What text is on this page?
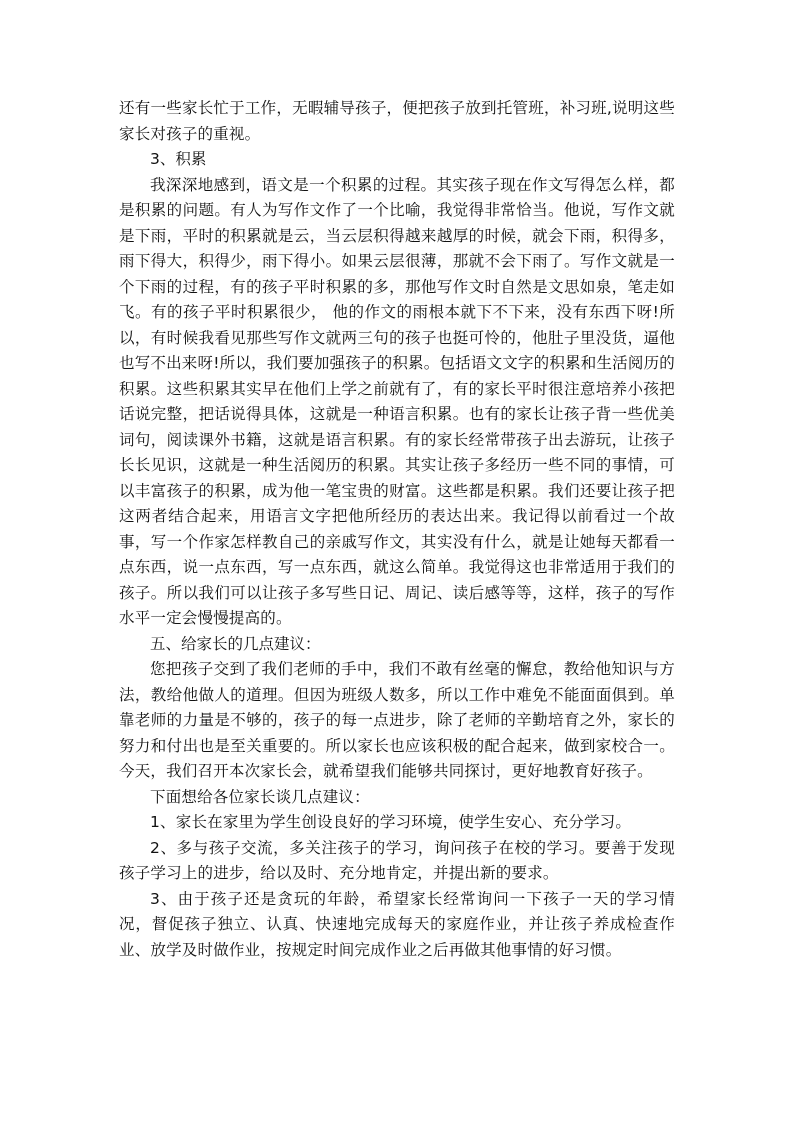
还有一些家长忙于工作，无暇辅导孩子，便把孩子放到托管班，补习班,说明这些家长对孩子的重视。

3、积累

我深深地感到，语文是一个积累的过程。其实孩子现在作文写得怎么样，都是积累的问题。有人为写作文作了一个比喻，我觉得非常恰当。他说，写作文就是下雨，平时的积累就是云，当云层积得越来越厚的时候，就会下雨，积得多，雨下得大，积得少，雨下得小。如果云层很薄，那就不会下雨了。写作文就是一个下雨的过程，有的孩子平时积累的多，那他写作文时自然是文思如泉，笔走如飞。有的孩子平时积累很少， 他的作文的雨根本就下不下来，没有东西下呀!所以，有时候我看见那些写作文就两三句的孩子也挺可怜的，他肚子里没货，逼他也写不出来呀!所以，我们要加强孩子的积累。包括语文文字的积累和生活阅历的积累。这些积累其实早在他们上学之前就有了，有的家长平时很注意培养小孩把话说完整，把话说得具体，这就是一种语言积累。也有的家长让孩子背一些优美词句，阅读课外书籍，这就是语言积累。有的家长经常带孩子出去游玩，让孩子长长见识，这就是一种生活阅历的积累。其实让孩子多经历一些不同的事情，可以丰富孩子的积累，成为他一笔宝贵的财富。这些都是积累。我们还要让孩子把这两者结合起来，用语言文字把他所经历的表达出来。我记得以前看过一个故事，写一个作家怎样教自己的亲戚写作文，其实没有什么，就是让她每天都看一点东西，说一点东西，写一点东西，就这么简单。我觉得这也非常适用于我们的孩子。所以我们可以让孩子多写些日记、周记、读后感等等，这样，孩子的写作水平一定会慢慢提高的。

五、给家长的几点建议：

您把孩子交到了我们老师的手中，我们不敢有丝毫的懈怠，教给他知识与方法，教给他做人的道理。但因为班级人数多，所以工作中难免不能面面俱到。单靠老师的力量是不够的，孩子的每一点进步，除了老师的辛勤培育之外，家长的努力和付出也是至关重要的。所以家长也应该积极的配合起来，做到家校合一。今天，我们召开本次家长会，就希望我们能够共同探讨，更好地教育好孩子。

下面想给各位家长谈几点建议：

1、家长在家里为学生创设良好的学习环境，使学生安心、充分学习。

2、多与孩子交流，多关注孩子的学习，询问孩子在校的学习。要善于发现孩子学习上的进步，给以及时、充分地肯定，并提出新的要求。

3、由于孩子还是贪玩的年龄，希望家长经常询问一下孩子一天的学习情况，督促孩子独立、认真、快速地完成每天的家庭作业，并让孩子养成检查作业、放学及时做作业，按规定时间完成作业之后再做其他事情的好习惯。
